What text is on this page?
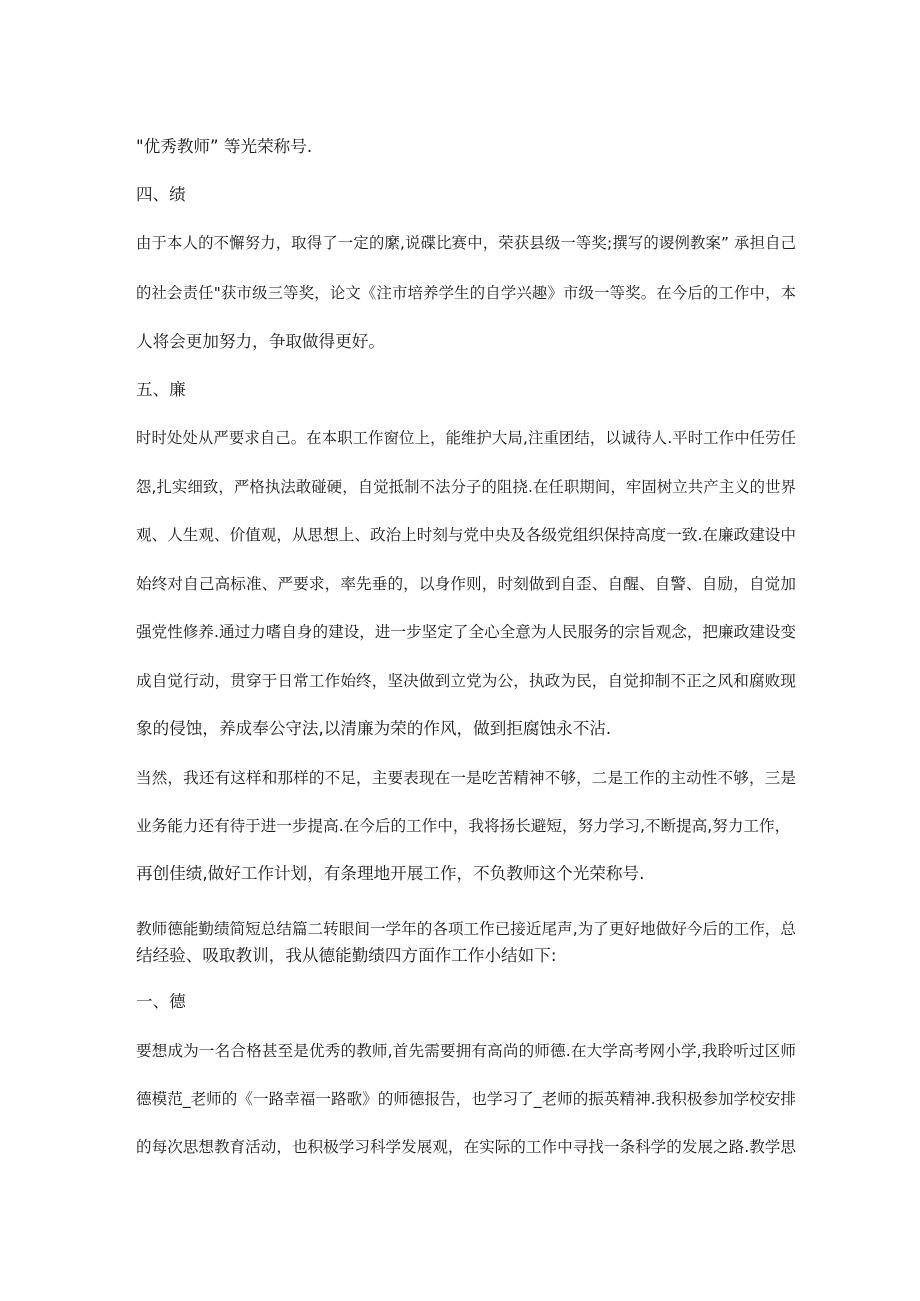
"优秀教师” 等光荣称号.

四、绩

由于本人的不懈努力，取得了一定的縻,说碟比赛中，荣获县级一等奖;撰写的谡例教案” 承担自己

的社会责任"获市级三等奖，论文《注市培养学生的自学兴趣》市级一等奖。在今后的工作中，本

人将会更加努力，争取做得更好。

五、廉

时时处处从严要求自己。在本职工作窗位上，能维护大局,注重团结，以诚待人.平时工作中任劳任

怨,扎实细致，严格执法敢碰硬，自觉抵制不法分子的阻挠.在任职期间，牢固树立共产主义的世界

观、人生观、价值观，从思想上、政治上时刻与党中央及各级党组织保持高度一致.在廉政建设中

始终对自己高标准、严要求，率先垂的，以身作则，时刻做到自歪、自醒、自警、自励，自觉加

强党性修养.通过力嗜自身的建设，进一步坚定了全心全意为人民服务的宗旨观念，把廉政建设变

成自觉行动，贯穿于日常工作始终，坚决做到立党为公，执政为民，自觉抑制不正之风和腐败现

象的侵蚀，养成奉公守法,以清廉为荣的作风，做到拒腐蚀永不沾.

当然，我还有这样和那样的不足，主要表现在一是吃苦精神不够，二是工作的主动性不够，三是

业务能力还有待于进一步提高.在今后的工作中，我将扬长避短，努力学习,不断提高,努力工作，

再创佳绩,做好工作计划，有条理地开展工作，不负教师这个光荣称号.

教师德能勤绩简短总结篇二转眼间一学年的各项工作已接近尾声,为了更好地做好今后的工作，总

结经验、吸取教训，我从德能勤绩四方面作工作小结如下:

一、德

要想成为一名合格甚至是优秀的教师,首先需要拥有高尚的师德.在大学高考网小学,我聆听过区师

德模范_老师的《一路幸福一路歌》的师德报告，也学习了_老师的振英精神.我积极参加学校安排

的每次思想教育活动，也积极学习科学发展观，在实际的工作中寻找一条科学的发展之路.教学思
